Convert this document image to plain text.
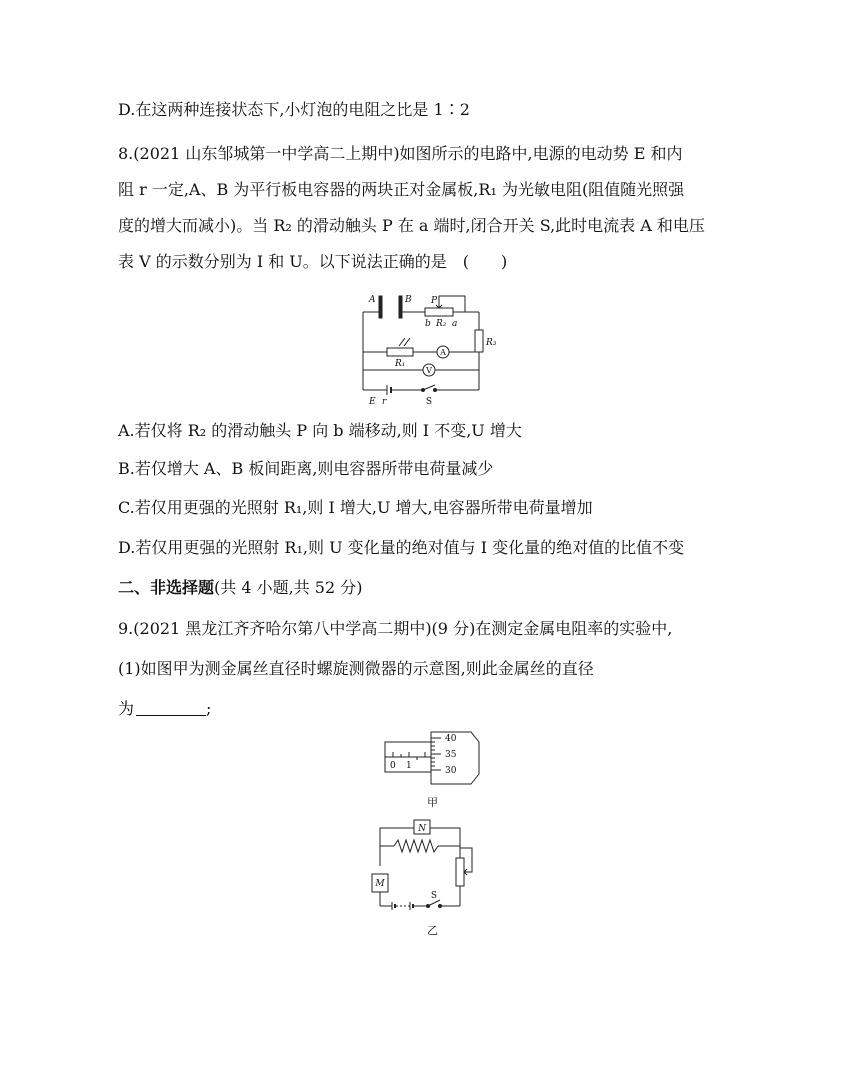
D.在这两种连接状态下,小灯泡的电阻之比是 1∶2
8.(2021 山东邹城第一中学高二上期中)如图所示的电路中,电源的电动势 E 和内
阻 r 一定,A、B 为平行板电容器的两块正对金属板,R₁ 为光敏电阻(阻值随光照强
度的增大而减小)。当 R₂ 的滑动触头 P 在 a 端时,闭合开关 S,此时电流表 A 和电压
表 V 的示数分别为 I 和 U。以下说法正确的是　(　　)
A	B P
b R₂ a
R₁
R₃
E r
A
V
S
A.若仅将 R₂ 的滑动触头 P 向 b 端移动,则 I 不变,U 增大
B.若仅增大 A、B 板间距离,则电容器所带电荷量减少
C.若仅用更强的光照射 R₁,则 I 增大,U 增大,电容器所带电荷量增加
D.若仅用更强的光照射 R₁,则 U 变化量的绝对值与 I 变化量的绝对值的比值不变
二、非选择题(共 4 小题,共 52 分)
9.(2021 黑龙江齐齐哈尔第八中学高二期中)(9 分)在测定金属电阻率的实验中,
(1)如图甲为测金属丝直径时螺旋测微器的示意图,则此金属丝的直径
为	;
0 1
40
35
30
甲
N
M
S
乙
